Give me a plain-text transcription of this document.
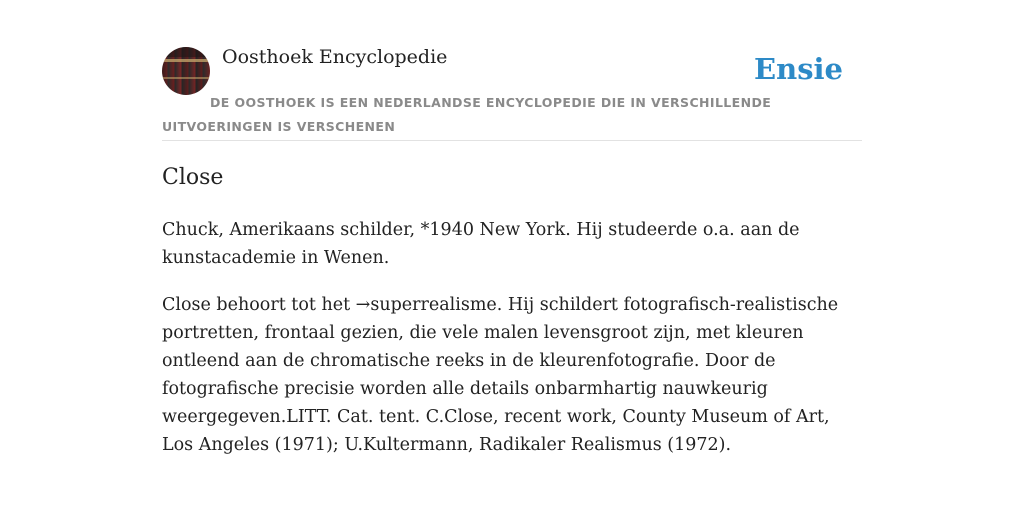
Oosthoek Encyclopedie	Ensie
DE OOSTHOEK IS EEN NEDERLANDSE ENCYCLOPEDIE DIE IN VERSCHILLENDE UITVOERINGEN IS VERSCHENEN
Close

Chuck, Amerikaans schilder, *1940 New York. Hij studeerde o.a. aan de kunstacademie in Wenen.

Close behoort tot het →superrealisme. Hij schildert fotografisch-realistische portretten, frontaal gezien, die vele malen levensgroot zijn, met kleuren ontleend aan de chromatische reeks in de kleurenfotografie. Door de fotografische precisie worden alle details onbarmhartig nauwkeurig weergegeven.LITT. Cat. tent. C.Close, recent work, County Museum of Art, Los Angeles (1971); U.Kultermann, Radikaler Realismus (1972).
